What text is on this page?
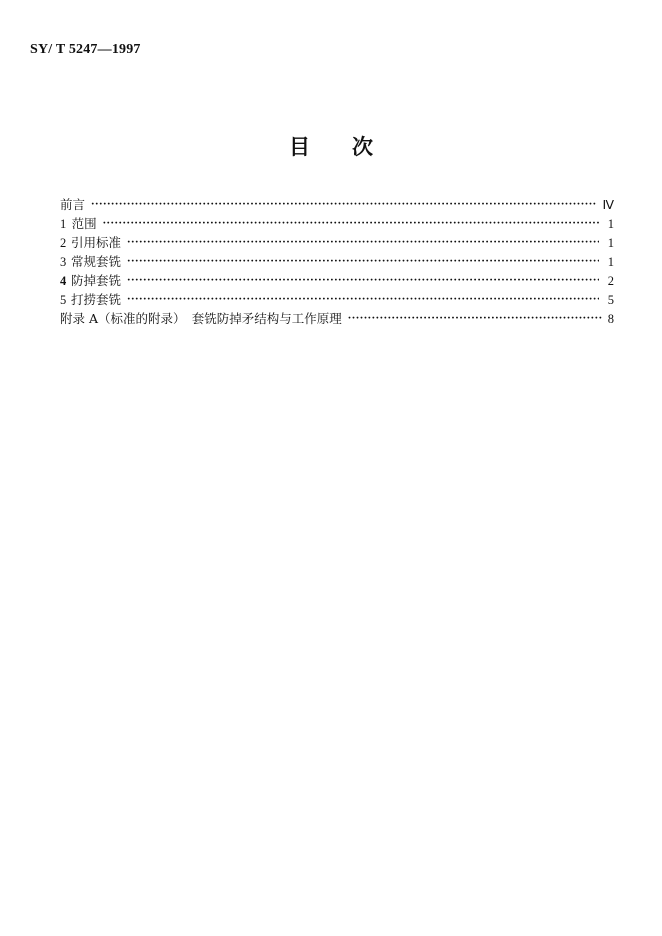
SY/ T 5247—1997
目 次
前言 ·····	Ⅳ
1 范围 ·····	1
2 引用标准 ·····	1
3 常规套铣 ·····	1
4 防掉套铣 ·····	2
5 打捞套铣 ·····	5
附录 A（标准的附录）　套铣防掉矛结构与工作原理 ·····	8
